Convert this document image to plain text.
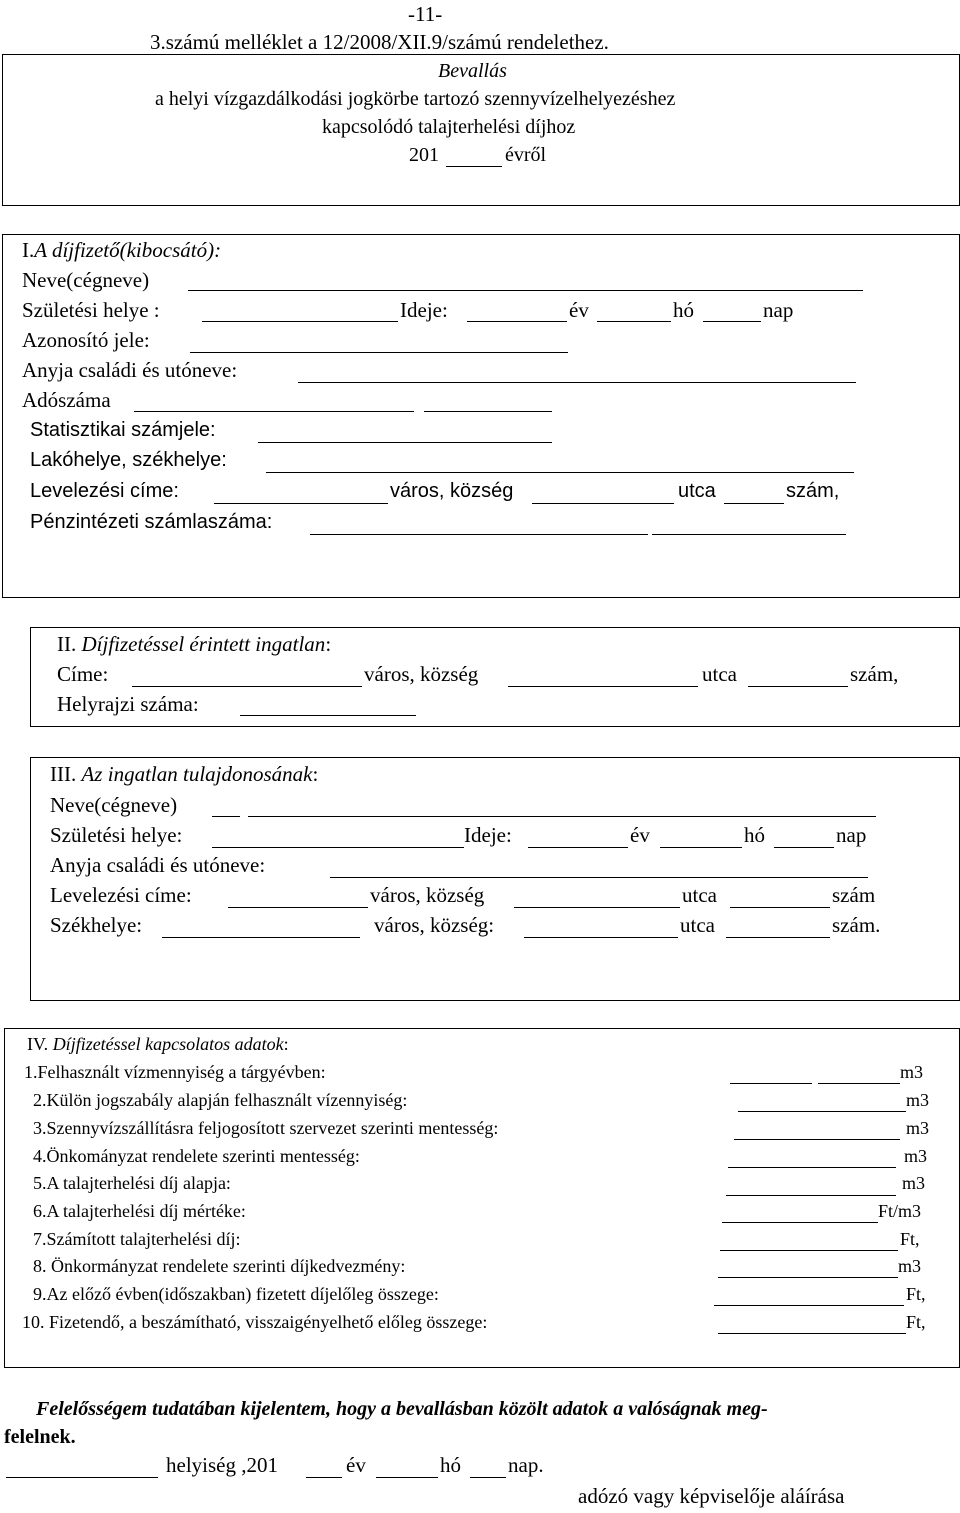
-11-
3.számú melléklet a 12/2008/XII.9/számú rendelethez.
Bevallás
a helyi vízgazdálkodási jogkörbe tartozó szennyvízelhelyezéshez
kapcsolódó talajterhelési díjhoz
201	évről
I.A díjfizető(kibocsátó):
Neve(cégneve)
Születési helye :	Ideje:	év	hó	nap
Azonosító jele:
Anyja családi és utóneve:
Adószáma
Statisztikai számjele:
Lakóhelye, székhelye:
Levelezési címe:	város, község	utca	szám,
Pénzintézeti számlaszáma:
II. Díjfizetéssel érintett ingatlan:
Címe:	város, község	utca	szám,
Helyrajzi száma:
III. Az ingatlan tulajdonosának:
Neve(cégneve)
Születési helye:	Ideje:	év	hó	nap
Anyja családi és utóneve:
Levelezési címe:	város, község	utca	szám
Székhelye:	város, község:	utca	szám.
IV. Díjfizetéssel kapcsolatos adatok:
1.Felhasznált vízmennyiség a tárgyévben:	m3
2.Külön jogszabály alapján felhasznált vízennyiség:	m3
3.Szennyvízszállításra feljogosított szervezet szerinti mentesség:	m3
4.Önkományzat rendelete szerinti mentesség:	m3
5.A talajterhelési díj alapja:	m3
6.A talajterhelési díj mértéke:	Ft/m3
7.Számított talajterhelési díj:	Ft,
8. Önkormányzat rendelete szerinti díjkedvezmény:	m3
9.Az előző évben(időszakban) fizetett díjelőleg összege:	Ft,
10. Fizetendő, a beszámítható, visszaigényelhető előleg összege:	Ft,
Felelősségem tudatában kijelentem, hogy a bevallásban közölt adatok a valóságnak meg-
felelnek.
helyiség ,201	év	hó nap.
adózó vagy képviselője aláírása
